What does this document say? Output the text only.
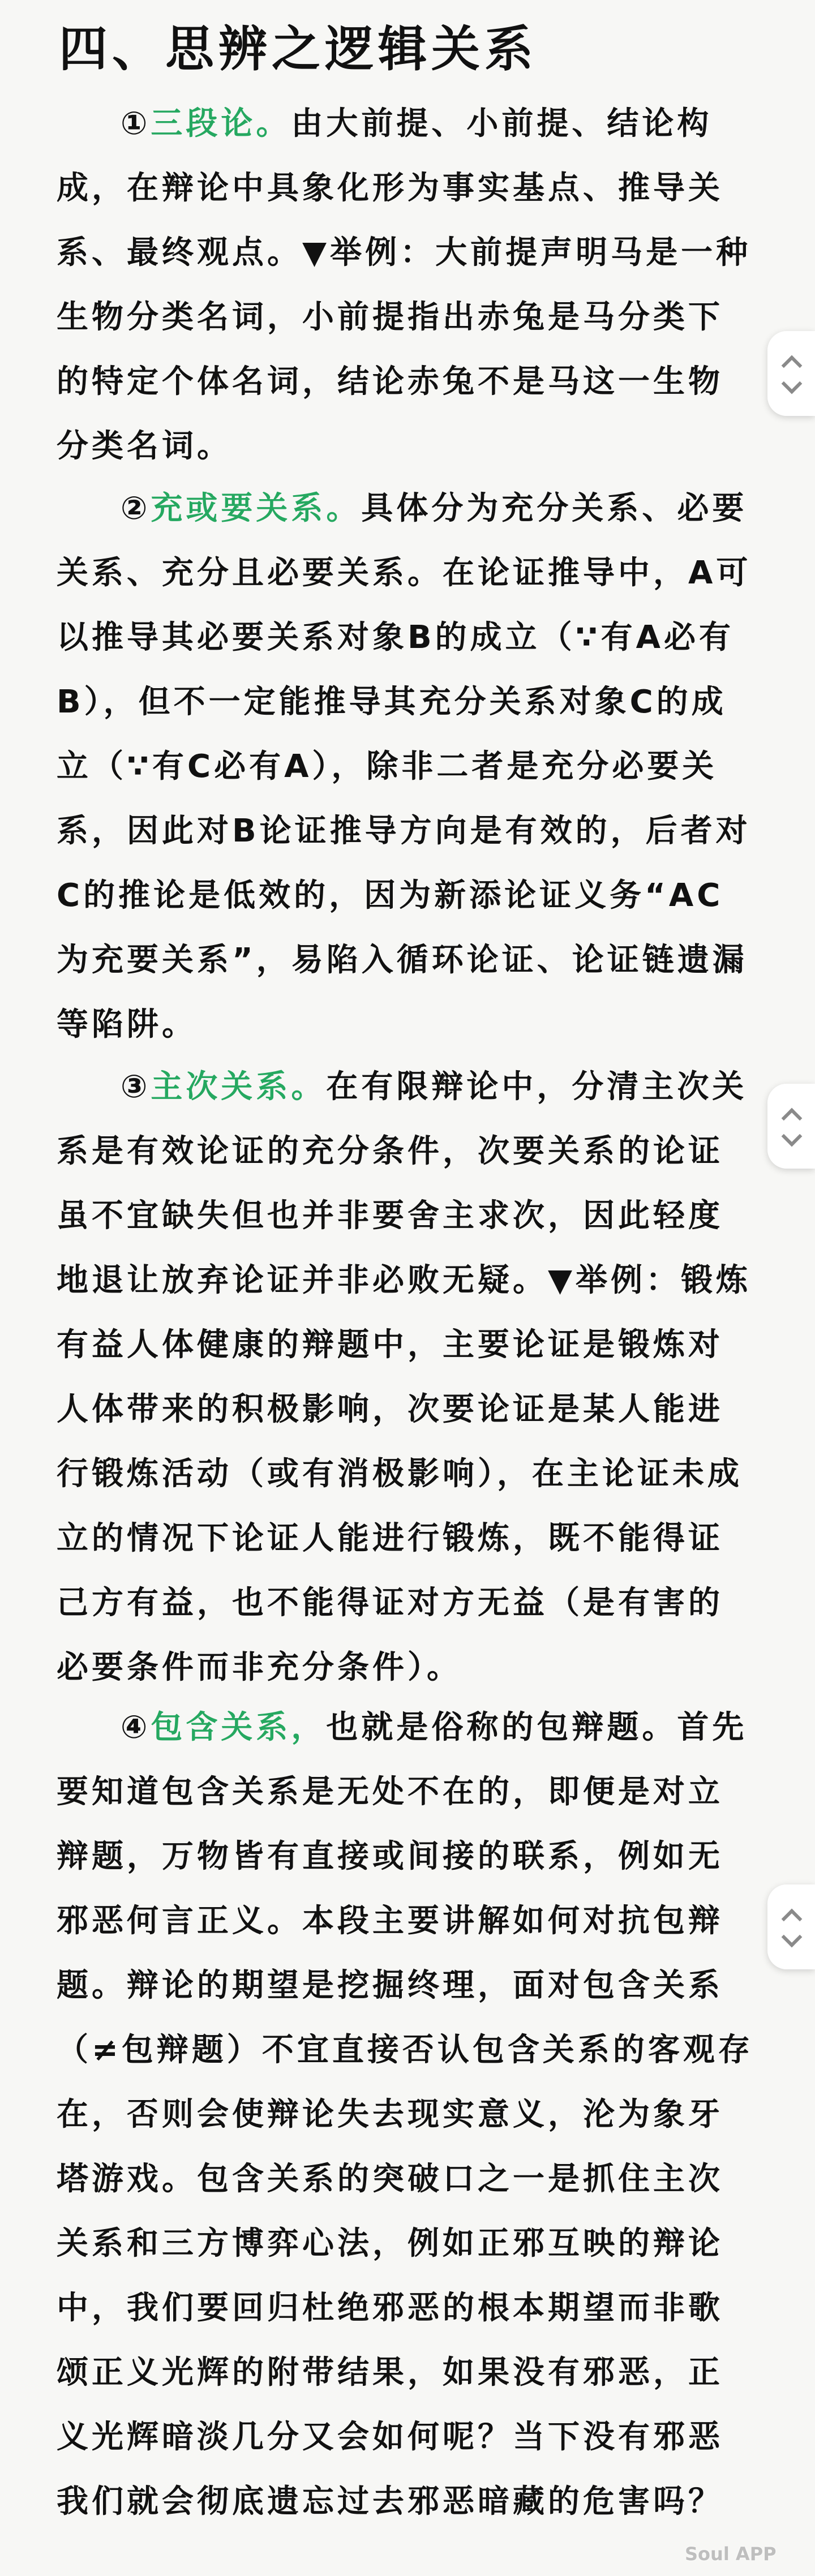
四、思辨之逻辑关系

①三段论。由大前提、小前提、结论构成，在辩论中具象化形为事实基点、推导关系、最终观点。▼举例：大前提声明马是一种生物分类名词，小前提指出赤兔是马分类下的特定个体名词，结论赤兔不是马这一生物分类名词。

②充或要关系。具体分为充分关系、必要关系、充分且必要关系。在论证推导中，A可以推导其必要关系对象B的成立（∵有A必有B），但不一定能推导其充分关系对象C的成立（∵有C必有A），除非二者是充分必要关系，因此对B论证推导方向是有效的，后者对C的推论是低效的，因为新添论证义务“AC为充要关系”，易陷入循环论证、论证链遗漏等陷阱。

③主次关系。在有限辩论中，分清主次关系是有效论证的充分条件，次要关系的论证虽不宜缺失但也并非要舍主求次，因此轻度地退让放弃论证并非必败无疑。▼举例：锻炼有益人体健康的辩题中，主要论证是锻炼对人体带来的积极影响，次要论证是某人能进行锻炼活动（或有消极影响），在主论证未成立的情况下论证人能进行锻炼，既不能得证己方有益，也不能得证对方无益（是有害的必要条件而非充分条件）。

④包含关系，也就是俗称的包辩题。首先要知道包含关系是无处不在的，即便是对立辩题，万物皆有直接或间接的联系，例如无邪恶何言正义。本段主要讲解如何对抗包辩题。辩论的期望是挖掘终理，面对包含关系（≠包辩题）不宜直接否认包含关系的客观存在，否则会使辩论失去现实意义，沦为象牙塔游戏。包含关系的突破口之一是抓住主次关系和三方博弈心法，例如正邪互映的辩论中，我们要回归杜绝邪恶的根本期望而非歌颂正义光辉的附带结果，如果没有邪恶，正义光辉暗淡几分又会如何呢？当下没有邪恶我们就会彻底遗忘过去邪恶暗藏的危害吗？

Soul APP
